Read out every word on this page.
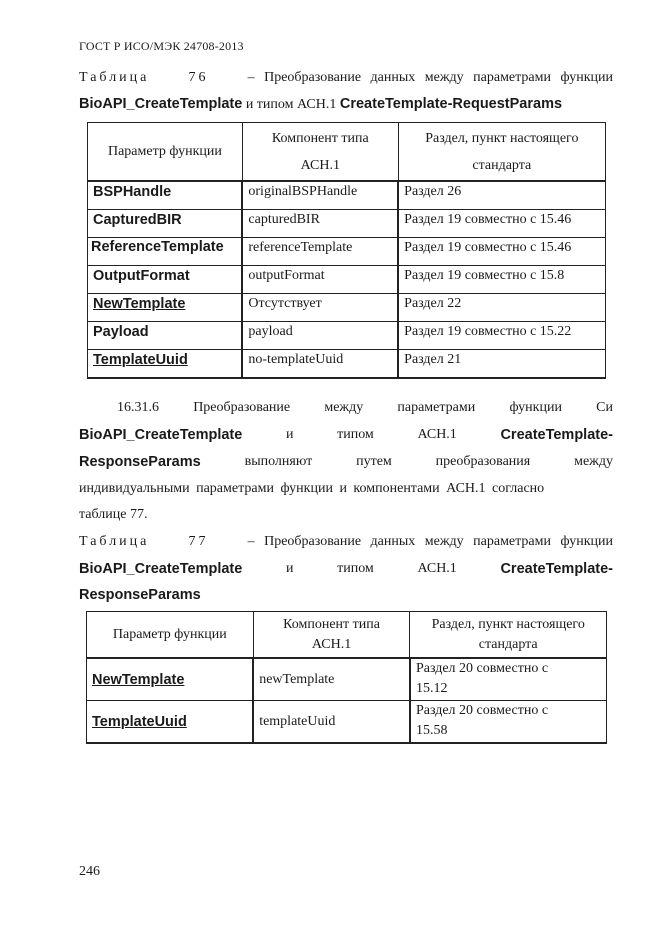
ГОСТ Р ИСО/МЭК 24708-2013
Таблица	76	– Преобразование данных между параметрами функции
BioAPI_CreateTemplate и типом АСН.1 CreateTemplate-RequestParams
Параметр функции	Компонент типа АСН.1	Раздел, пункт настоящего стандарта
BSPHandle	originalBSPHandle	Раздел 26
CapturedBIR	capturedBIR	Раздел 19 совместно с 15.46
ReferenceTemplate	referenceTemplate	Раздел 19 совместно с 15.46
OutputFormat	outputFormat	Раздел 19 совместно с 15.8
NewTemplate	Отсутствует	Раздел 22
Payload	payload	Раздел 19 совместно с 15.22
TemplateUuid	no-templateUuid	Раздел 21
16.31.6 Преобразование между параметрами функции Си
BioAPI_CreateTemplate	и	типом	АСН.1	CreateTemplate-
ResponseParams	выполняют	путем	преобразования	между
индивидуальными параметрами функции и компонентами АСН.1 согласно
таблице 77.
Таблица	77	– Преобразование данных между параметрами функции
BioAPI_CreateTemplate	и	типом	АСН.1	CreateTemplate-
ResponseParams
Параметр функции	Компонент типа АСН.1	Раздел, пункт настоящего стандарта
NewTemplate	newTemplate	Раздел 20 совместно с 15.12
TemplateUuid	templateUuid	Раздел 20 совместно с 15.58
246
